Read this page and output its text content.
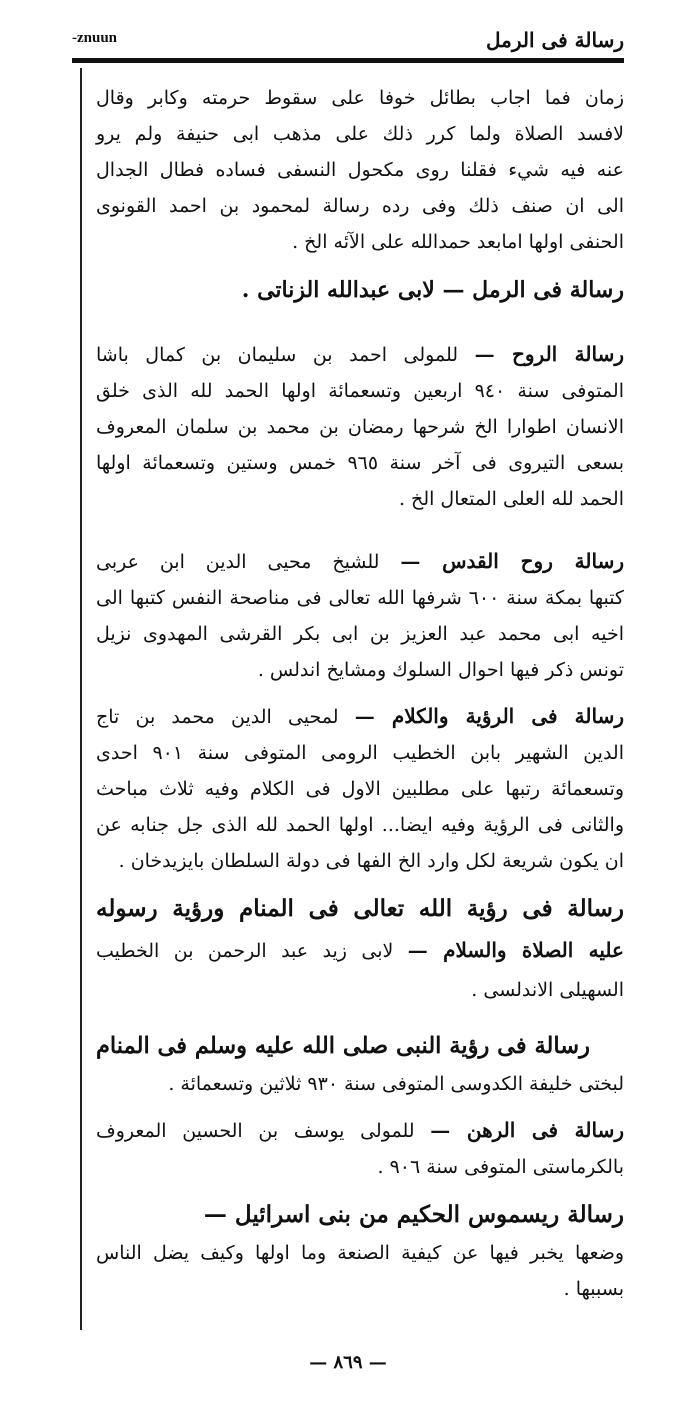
رسالة فى الرمل
-znuun
زمان فما اجاب بطائل خوفا على سقوط حرمته وكابر وقال
لافسد الصلاة ولما كرر ذلك على مذهب ابى حنيفة ولم يرو
عنه فيه شيء فقلنا روى مكحول النسفى فساده فطال الجدال
الى ان صنف ذلك وفى رده رسالة لمحمود بن احمد القونوى
الحنفى اولها امابعد حمدالله على الآئه الخ .
رسالة فى الرمل — لابى عبدالله الزناتى .
رسالة الروح — للمولى احمد بن سليمان بن كمال باشا
المتوفى سنة ٩٤٠ اربعين وتسعمائة اولها الحمد لله الذى خلق
الانسان اطوارا الخ شرحها رمضان بن محمد بن سلمان المعروف
بسعى التيروى فى آخر سنة ٩٦٥ خمس وستين وتسعمائة اولها
الحمد لله العلى المتعال الخ .
رسالة روح القدس — للشيخ محيى الدين ابن عربى
كتبها بمكة سنة ٦٠٠ شرفها الله تعالى فى مناصحة النفس كتبها الى
اخيه ابى محمد عبد العزيز بن ابى بكر القرشى المهدوى نزيل
تونس ذكر فيها احوال السلوك ومشايخ اندلس .
رسالة فى الرؤية والكلام — لمحيى الدين محمد بن تاج
الدين الشهير بابن الخطيب الرومى المتوفى سنة ٩٠١ احدى
وتسعمائة رتبها على مطلبين الاول فى الكلام وفيه ثلاث مباحث
والثانى فى الرؤية وفيه ايضا... اولها الحمد لله الذى جل جنابه عن
ان يكون شريعة لكل وارد الخ الفها فى دولة السلطان بايزيدخان .
رسالة فى رؤية الله تعالى فى المنام ورؤية رسوله
عليه الصلاة والسلام — لابى زيد عبد الرحمن بن الخطيب
السهيلى الاندلسى .
رسالة فى رؤية النبى صلى الله عليه وسلم فى المنام
لبختى خليفة الكدوسى المتوفى سنة ٩٣٠ ثلاثين وتسعمائة .
رسالة فى الرهن — للمولى يوسف بن الحسين المعروف
بالكرماستى المتوفى سنة ٩٠٦ .
رسالة ريسموس الحكيم من بنى اسرائيل —
وضعها يخبر فيها عن كيفية الصنعة وما اولها وكيف يضل الناس
بسببها .
— ٨٦٩ —
